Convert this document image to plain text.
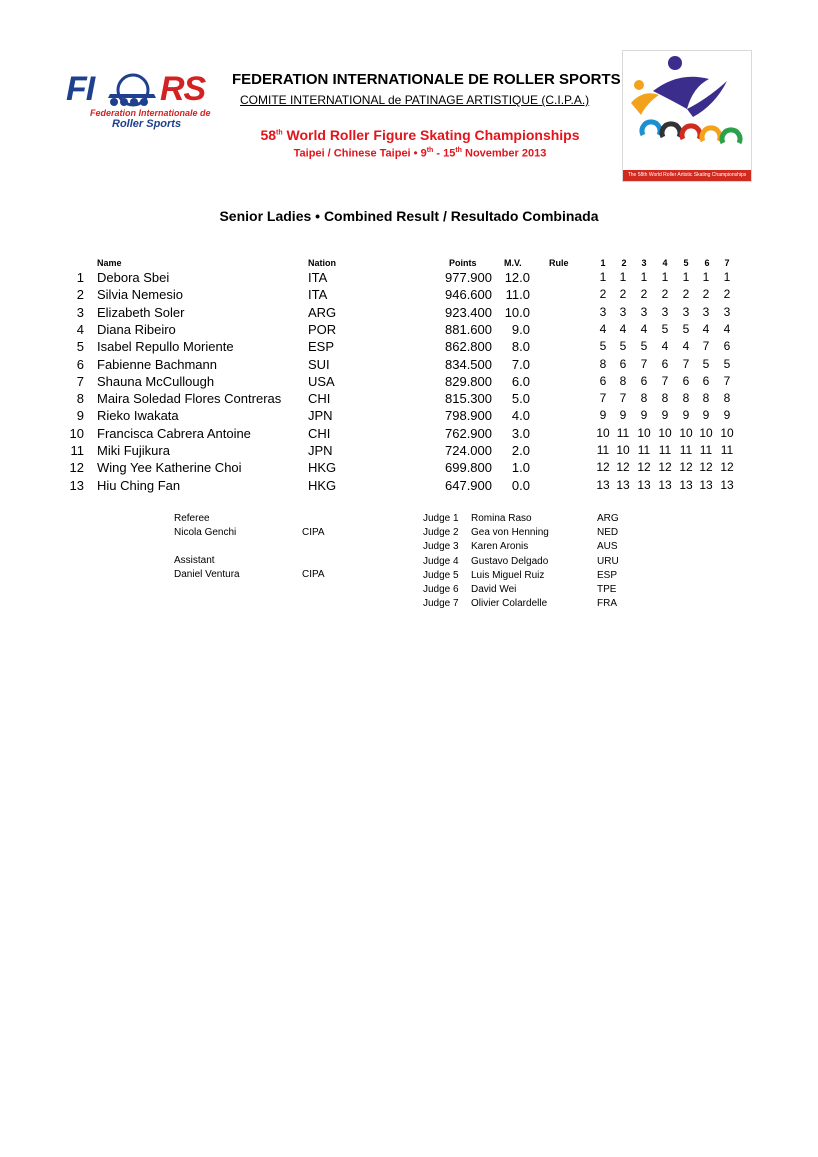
FI RS
Federation Internationale de
Roller Sports
FEDERATION INTERNATIONALE DE ROLLER SPORTS
COMITE INTERNATIONAL de PATINAGE ARTISTIQUE (C.I.P.A.)
58th World Roller Figure Skating Championships
Taipei / Chinese Taipei • 9th - 15th November 2013
The 58th World Roller Artistic Skating Championships
Senior Ladies • Combined Result / Resultado Combinada
Name	Nation	Points	M.V.	Rule	1 2 3 4 5 6 7
1 Debora Sbei	ITA	977.900 12.0	1	1	1	1	1	1	1
2 Silvia Nemesio	ITA	946.600	11.0	2	2	2	2	2	2	2
3 Elizabeth Soler	ARG	923.400 10.0	3	3	3	3	3	3	3
4 Diana Ribeiro	POR	881.600	9.0	4	4	4	5	5	4	4
5 Isabel Repullo Moriente	ESP	862.800	8.0	5	5	5	4	4	7	6
6 Fabienne Bachmann	SUI	834.500	7.0	8	6	7	6	7	5	5
7 Shauna McCullough	USA	829.800	6.0	6	8	6	7	6	6	7
8 Maira Soledad Flores Contreras CHI	815.300	5.0	7	7	8	8	8	8	8
9 Rieko Iwakata	JPN	798.900	4.0	9	9	9	9	9	9	9
10 Francisca Cabrera Antoine	CHI	762.900	3.0	10 11 10 10 10 10 10
11 Miki Fujikura	JPN	724.000	2.0	11 10 11 11 11 11 11
12 Wing Yee Katherine Choi	HKG	699.800	1.0	12 12 12 12 12 12 12
13 Hiu Ching Fan	HKG	647.900	0.0	13 13 13 13 13 13 13
Referee
Nicola Genchi	CIPA
Assistant
Daniel Ventura	CIPA
Judge 1 Romina Raso	ARG
Judge 2 Gea von Henning	NED
Judge 3 Karen Aronis	AUS
Judge 4 Gustavo Delgado	URU
Judge 5 Luis Miguel Ruiz	ESP
Judge 6 David Wei	TPE
Judge 7 Olivier Colardelle	FRA
